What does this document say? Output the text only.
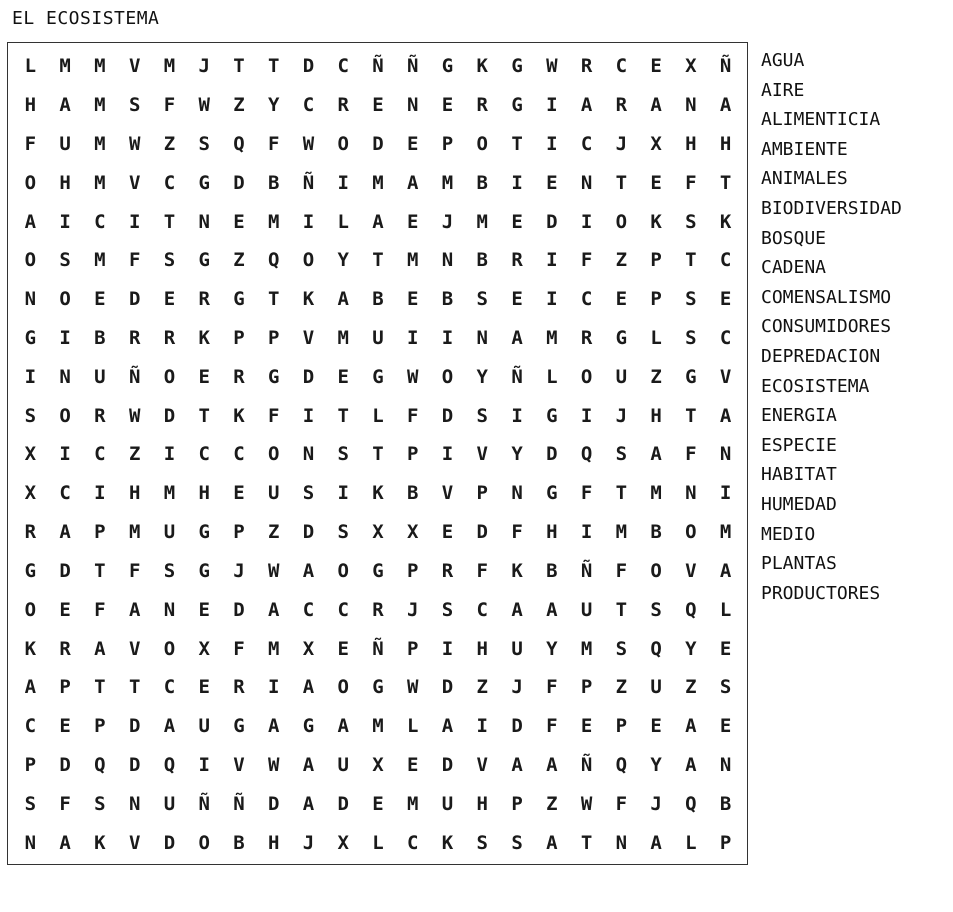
EL ECOSISTEMA
L	M	M	V	M	J	T	T	D	C	Ñ	Ñ	G	K	G	W	R	C	E	X	Ñ
H	A	M	S	F	W	Z	Y	C	R	E	N	E	R	G	I	A	R	A	N	A
F	U	M	W	Z	S	Q	F	W	O	D	E	P	O	T	I	C	J	X	H	H
O	H	M	V	C	G	D	B	Ñ	I	M	A	M	B	I	E	N	T	E	F	T
A	I	C	I	T	N	E	M	I	L	A	E	J	M	E	D	I	O	K	S	K
O	S	M	F	S	G	Z	Q	O	Y	T	M	N	B	R	I	F	Z	P	T	C
N	O	E	D	E	R	G	T	K	A	B	E	B	S	E	I	C	E	P	S	E
G	I	B	R	R	K	P	P	V	M	U	I	I	N	A	M	R	G	L	S	C
I	N	U	Ñ	O	E	R	G	D	E	G	W	O	Y	Ñ	L	O	U	Z	G	V
S	O	R	W	D	T	K	F	I	T	L	F	D	S	I	G	I	J	H	T	A
X	I	C	Z	I	C	C	O	N	S	T	P	I	V	Y	D	Q	S	A	F	N
X	C	I	H	M	H	E	U	S	I	K	B	V	P	N	G	F	T	M	N	I
R	A	P	M	U	G	P	Z	D	S	X	X	E	D	F	H	I	M	B	O	M
G	D	T	F	S	G	J	W	A	O	G	P	R	F	K	B	Ñ	F	O	V	A
O	E	F	A	N	E	D	A	C	C	R	J	S	C	A	A	U	T	S	Q	L
K	R	A	V	O	X	F	M	X	E	Ñ	P	I	H	U	Y	M	S	Q	Y	E
A	P	T	T	C	E	R	I	A	O	G	W	D	Z	J	F	P	Z	U	Z	S
C	E	P	D	A	U	G	A	G	A	M	L	A	I	D	F	E	P	E	A	E
P	D	Q	D	Q	I	V	W	A	U	X	E	D	V	A	A	Ñ	Q	Y	A	N
S	F	S	N	U	Ñ	Ñ	D	A	D	E	M	U	H	P	Z	W	F	J	Q	B
N	A	K	V	D	O	B	H	J	X	L	C	K	S	S	A	T	N	A	L	P
AGUA
AIRE
ALIMENTICIA
AMBIENTE
ANIMALES
BIODIVERSIDAD
BOSQUE
CADENA
COMENSALISMO
CONSUMIDORES
DEPREDACION
ECOSISTEMA
ENERGIA
ESPECIE
HABITAT
HUMEDAD
MEDIO
PLANTAS
PRODUCTORES
